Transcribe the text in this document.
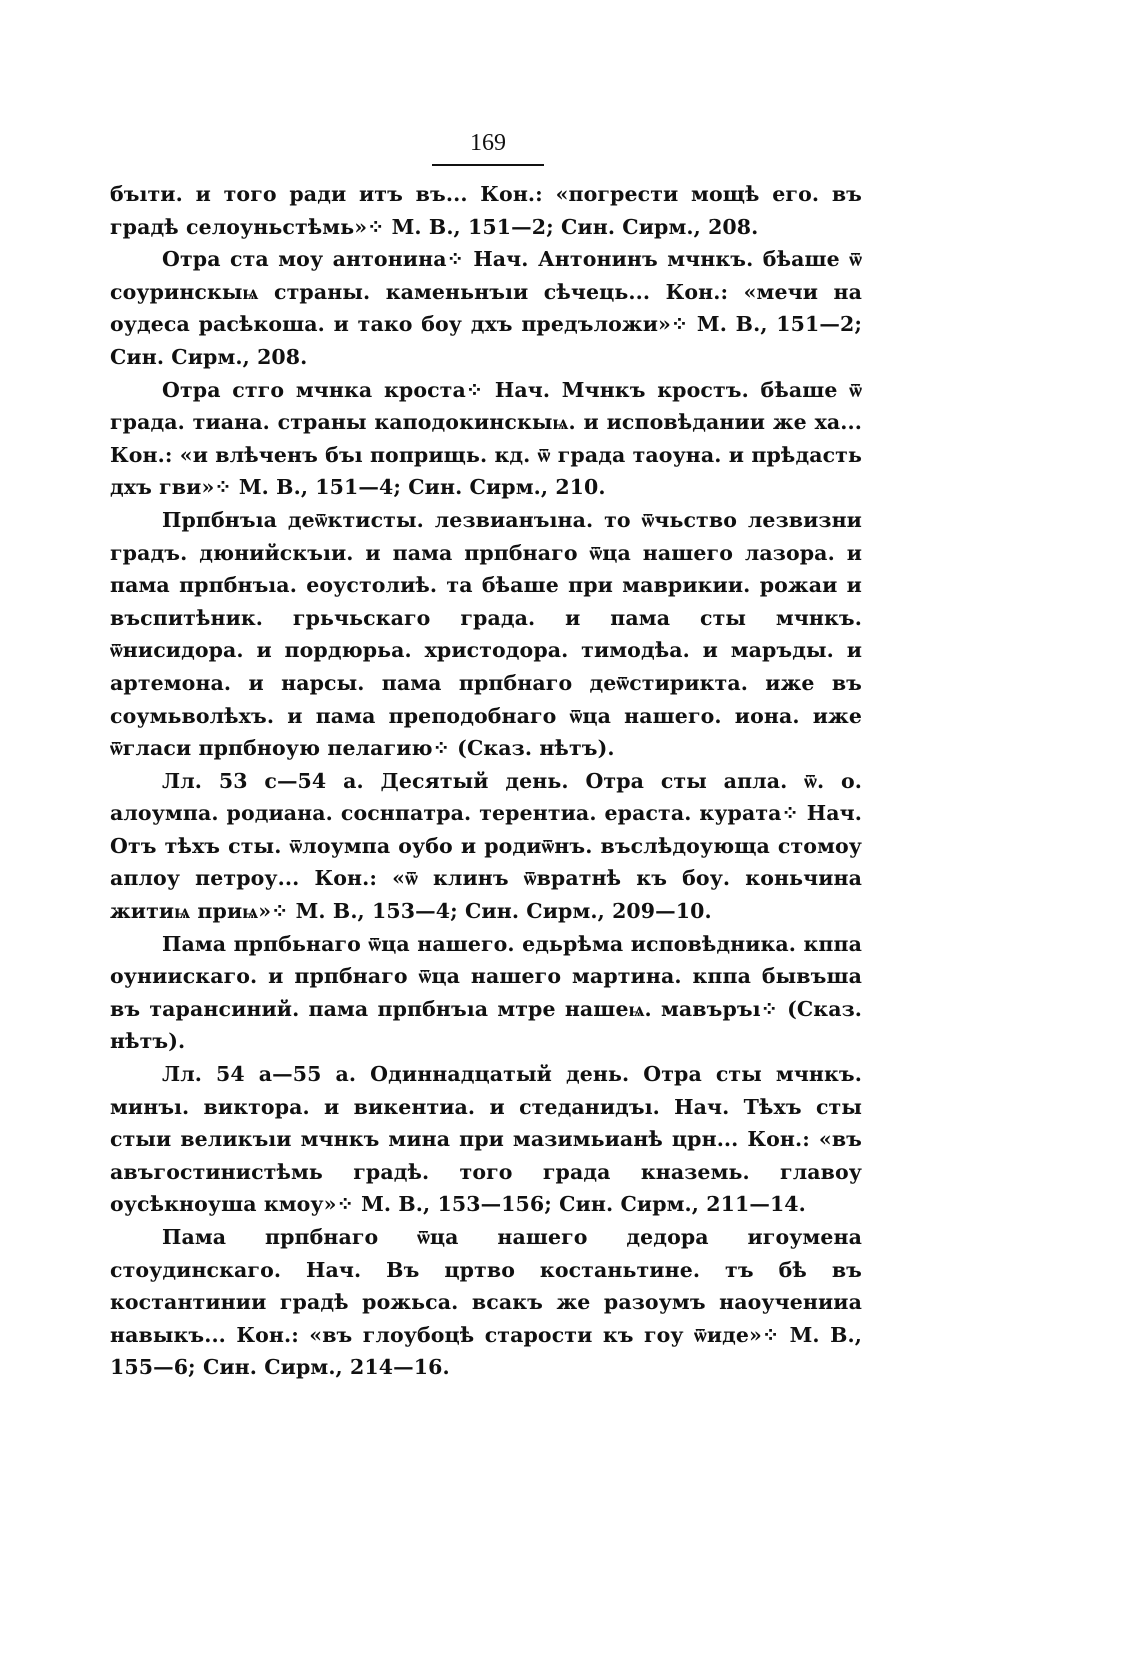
169

бъıти. и того ради итъ въ... Кон.: «погрести мощѣ его. въ градѣ селоуньстѣмь»⁘ М. В., 151—2; Син. Сирм., 208.

Отра ста моу антонина⁘ Нач. Антонинъ мчнкъ. бѣаше ѿ соуринскыѩ страны. каменьнъıи сѣчець... Кон.: «мечи на оудеса расѣкоша. и тако боу дхъ предъложи»⁘ М. В., 151—2; Син. Сирм., 208.

Отра стго мчнка кроста⁘ Нач. Мчнкъ кростъ. бѣаше ѿ града. тиана. страны каподокинскыѩ. и исповѣдании же ха... Кон.: «и влѣченъ бъı поприщь. кд. ѿ града таоуна. и прѣдасть дхъ гви»⁘ М. В., 151—4; Син. Сирм., 210.

Прпбнъıа деѿктисты. лезвианъıна. то ѿчьство лезвизни градъ. дюнийскъıи. и пама прпбнаго ѿца нашего лазора. и пама прпбнъıа. еоустолиѣ. та бѣаше при маврикии. рожаи и въспитѣник. грьчьскаго града. и пама сты мчнкъ. ѿнисидора. и пордюрьа. христодора. тимодѣа. и маръды. и артемона. и нарсы. пама прпбнаго деѿстирикта. иже въ соумьволѣхъ. и пама преподобнаго ѿца нашего. иона. иже ѿгласи прпбноую пелагию⁘ (Сказ. нѣтъ).

Лл. 53 с—54 а. Десятый день. Отра сты апла. ѿ. о. алоумпа. родиана. соснпатра. терентиа. ераста. курата⁘ Нач. Отъ тѣхъ сты. ѿлоумпа оубо и родиѿнъ. въслѣдоующа стомоу аплоу петроу... Кон.: «ѿ клинъ ѿвратнѣ къ боу. коньчина житиѩ приѩ»⁘ М. В., 153—4; Син. Сирм., 209—10.

Пама прпбьнаго ѿца нашего. едьрѣма исповѣдника. кппа оуниискаго. и прпбнаго ѿца нашего мартина. кппа бывъша въ тарансиний. пама прпбнъıа мтре нашеѩ. мавъръı⁘ (Сказ. нѣтъ).

Лл. 54 а—55 а. Одиннадцатый день. Отра сты мчнкъ. минъı. виктора. и викентиа. и стеданидъı. Нач. Тѣхъ сты стыи великъıи мчнкъ мина при мазимьианѣ црн... Кон.: «въ авъгостинистѣмь градѣ. того града кназемь. главоу оусѣкноуша кмоу»⁘ М. В., 153—156; Син. Сирм., 211—14.

Пама прпбнаго ѿца нашего дедора игоумена стоудинскаго. Нач. Въ цртво костаньтине. тъ бѣ въ костантинии градѣ рожьса. всакъ же разоумъ наоученииа навыкъ... Кон.: «въ глоубоцѣ старости къ гоу ѿиде»⁘ М. В., 155—6; Син. Сирм., 214—16.
